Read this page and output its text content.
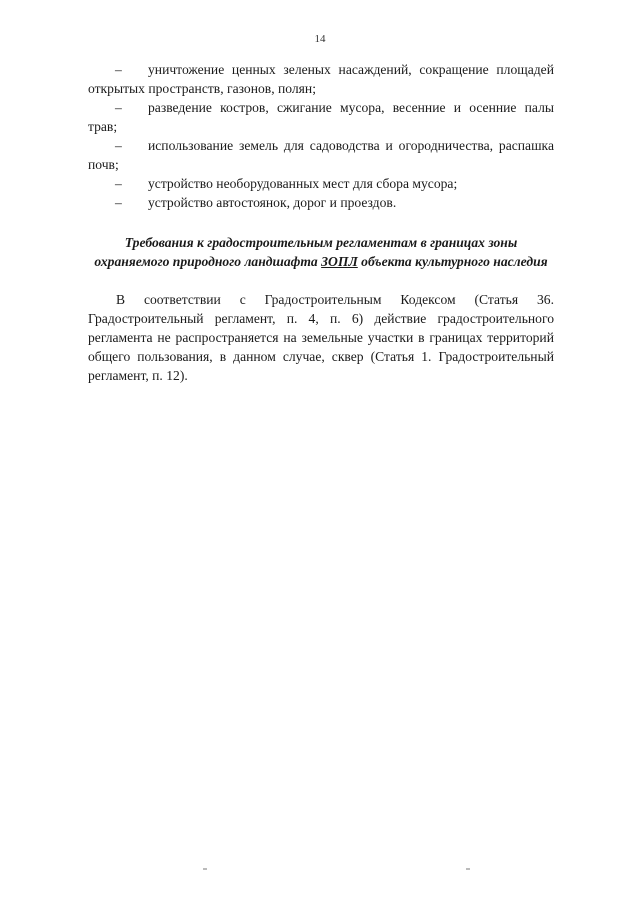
14
–	уничтожение ценных зеленых насаждений, сокращение площадей
открытых пространств, газонов, полян;
–	разведение костров, сжигание мусора, весенние и осенние палы
трав;
–	использование земель для садоводства и огородничества, распашка
почв;
–	устройство необорудованных мест для сбора мусора;
–	устройство автостоянок, дорог и проездов.
Требования к градостроительным регламентам в границах зоны
охраняемого природного ландшафта ЗОПЛ объекта культурного наследия
В соответствии с Градостроительным Кодексом (Статья 36. Градостроительный регламент, п. 4, п. 6) действие градостроительного регламента не распространяется на земельные участки в границах территорий общего пользования, в данном случае, сквер (Статья 1. Градостроительный регламент, п. 12).
